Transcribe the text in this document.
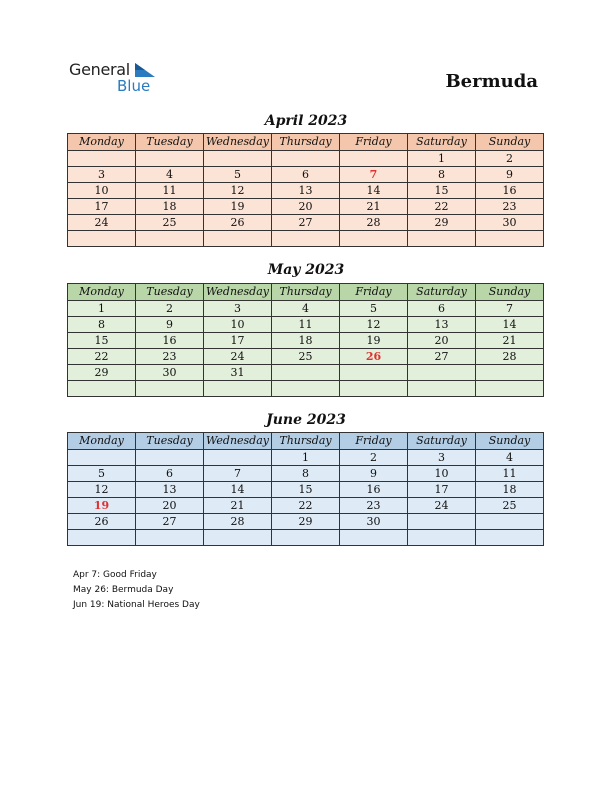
General
Blue	Bermuda
April 2023
Monday	Tuesday	Wednesday	Thursday	Friday	Saturday	Sunday
					1	2
3	4	5	6	7	8	9
10	11	12	13	14	15	16
17	18	19	20	21	22	23
24	25	26	27	28	29	30

May 2023
Monday	Tuesday	Wednesday	Thursday	Friday	Saturday	Sunday
1	2	3	4	5	6	7
8	9	10	11	12	13	14
15	16	17	18	19	20	21
22	23	24	25	26	27	28
29	30	31				

June 2023
Monday	Tuesday	Wednesday	Thursday	Friday	Saturday	Sunday
			1	2	3	4
5	6	7	8	9	10	11
12	13	14	15	16	17	18
19	20	21	22	23	24	25
26	27	28	29	30		

Apr 7: Good Friday
May 26: Bermuda Day
Jun 19: National Heroes Day
